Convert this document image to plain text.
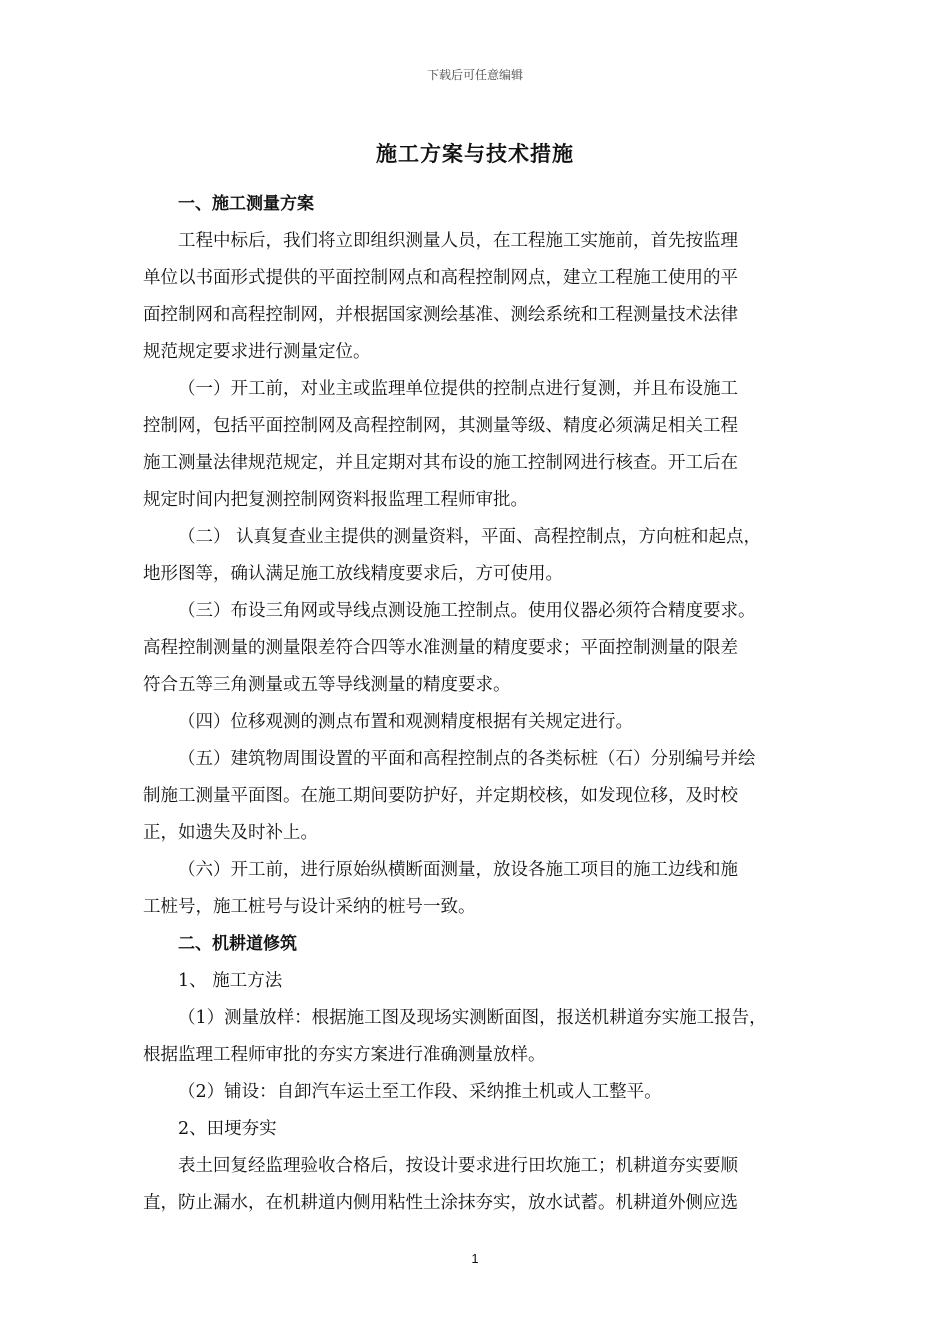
下载后可任意编辑
施工方案与技术措施
一、施工测量方案
工程中标后，我们将立即组织测量人员，在工程施工实施前，首先按监理
单位以书面形式提供的平面控制网点和高程控制网点，建立工程施工使用的平
面控制网和高程控制网，并根据国家测绘基准、测绘系统和工程测量技术法律
规范规定要求进行测量定位。
（一）开工前，对业主或监理单位提供的控制点进行复测，并且布设施工
控制网，包括平面控制网及高程控制网，其测量等级、精度必须满足相关工程
施工测量法律规范规定，并且定期对其布设的施工控制网进行核查。开工后在
规定时间内把复测控制网资料报监理工程师审批。
（二） 认真复查业主提供的测量资料，平面、高程控制点，方向桩和起点，
地形图等，确认满足施工放线精度要求后，方可使用。
（三）布设三角网或导线点测设施工控制点。使用仪器必须符合精度要求。
高程控制测量的测量限差符合四等水准测量的精度要求；平面控制测量的限差
符合五等三角测量或五等导线测量的精度要求。
（四）位移观测的测点布置和观测精度根据有关规定进行。
（五）建筑物周围设置的平面和高程控制点的各类标桩（石）分别编号并绘
制施工测量平面图。在施工期间要防护好，并定期校核，如发现位移，及时校
正，如遗失及时补上。
（六）开工前，进行原始纵横断面测量，放设各施工项目的施工边线和施
工桩号，施工桩号与设计采纳的桩号一致。
二、机耕道修筑
1、 施工方法
（1）测量放样：根据施工图及现场实测断面图，报送机耕道夯实施工报告，
根据监理工程师审批的夯实方案进行准确测量放样。
（2）铺设：自卸汽车运土至工作段、采纳推土机或人工整平。
2、田埂夯实
表土回复经监理验收合格后，按设计要求进行田坎施工；机耕道夯实要顺
直，防止漏水，在机耕道内侧用粘性土涂抹夯实，放水试蓄。机耕道外侧应选
1
